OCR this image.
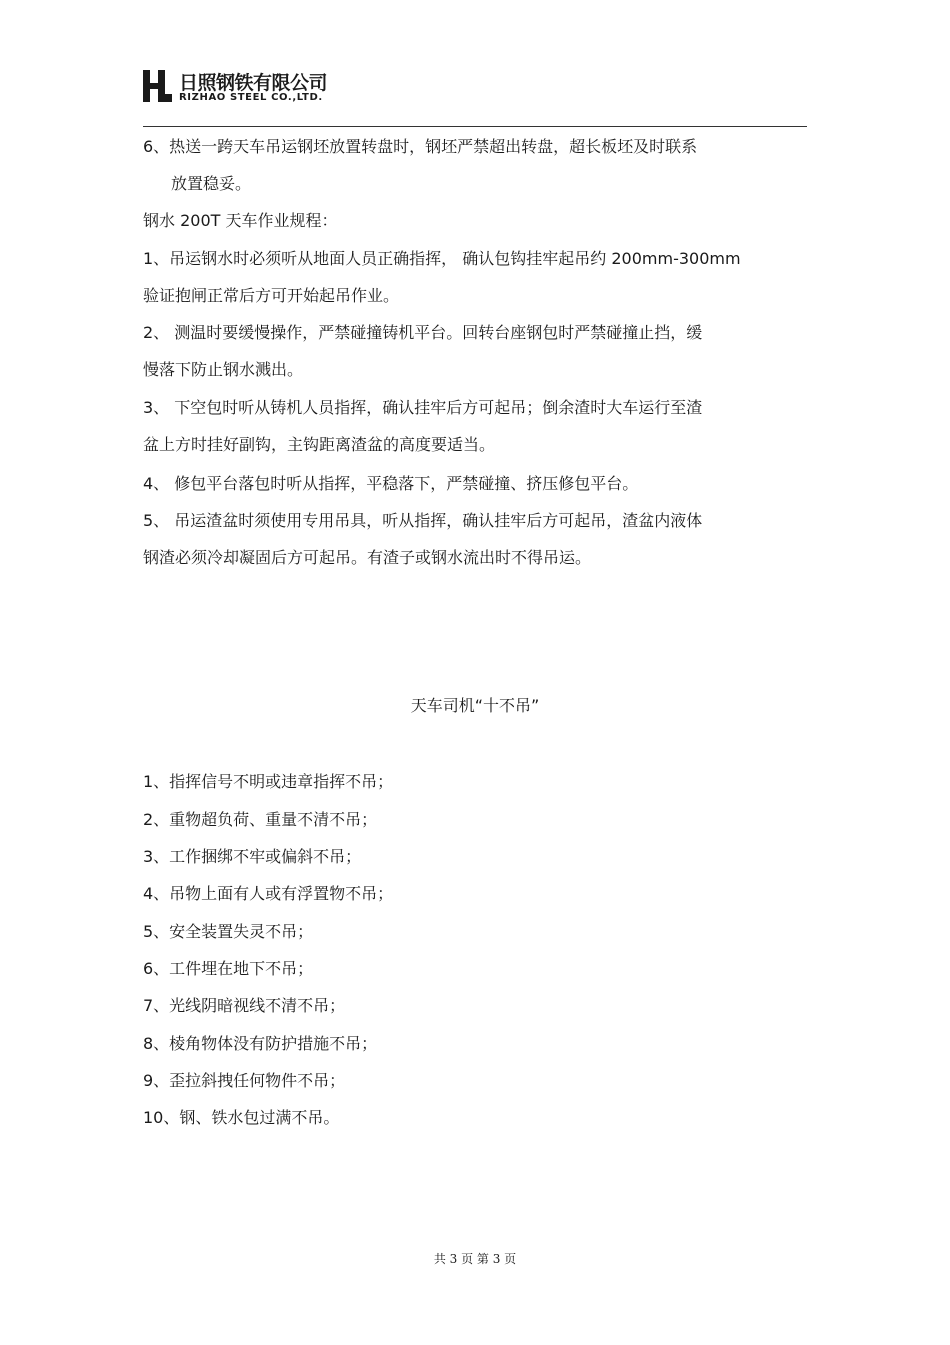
日照钢铁有限公司
RIZHAO STEEL CO.,LTD.
6、热送一跨天车吊运钢坯放置转盘时，钢坯严禁超出转盘，超长板坯及时联系
放置稳妥。
钢水 200T 天车作业规程：
1、吊运钢水时必须听从地面人员正确指挥， 确认包钩挂牢起吊约 200mm-300mm
验证抱闸正常后方可开始起吊作业。
2、 测温时要缓慢操作，严禁碰撞铸机平台。回转台座钢包时严禁碰撞止挡，缓
慢落下防止钢水溅出。
3、 下空包时听从铸机人员指挥，确认挂牢后方可起吊；倒余渣时大车运行至渣
盆上方时挂好副钩，主钩距离渣盆的高度要适当。
4、 修包平台落包时听从指挥，平稳落下，严禁碰撞、挤压修包平台。
5、 吊运渣盆时须使用专用吊具，听从指挥，确认挂牢后方可起吊，渣盆内液体
钢渣必须冷却凝固后方可起吊。有渣子或钢水流出时不得吊运。
天车司机“十不吊”
1、指挥信号不明或违章指挥不吊；
2、重物超负荷、重量不清不吊；
3、工作捆绑不牢或偏斜不吊；
4、吊物上面有人或有浮置物不吊；
5、安全装置失灵不吊；
6、工件埋在地下不吊；
7、光线阴暗视线不清不吊；
8、棱角物体没有防护措施不吊；
9、歪拉斜拽任何物件不吊；
10、钢、铁水包过满不吊。
共 3 页 第 3 页
